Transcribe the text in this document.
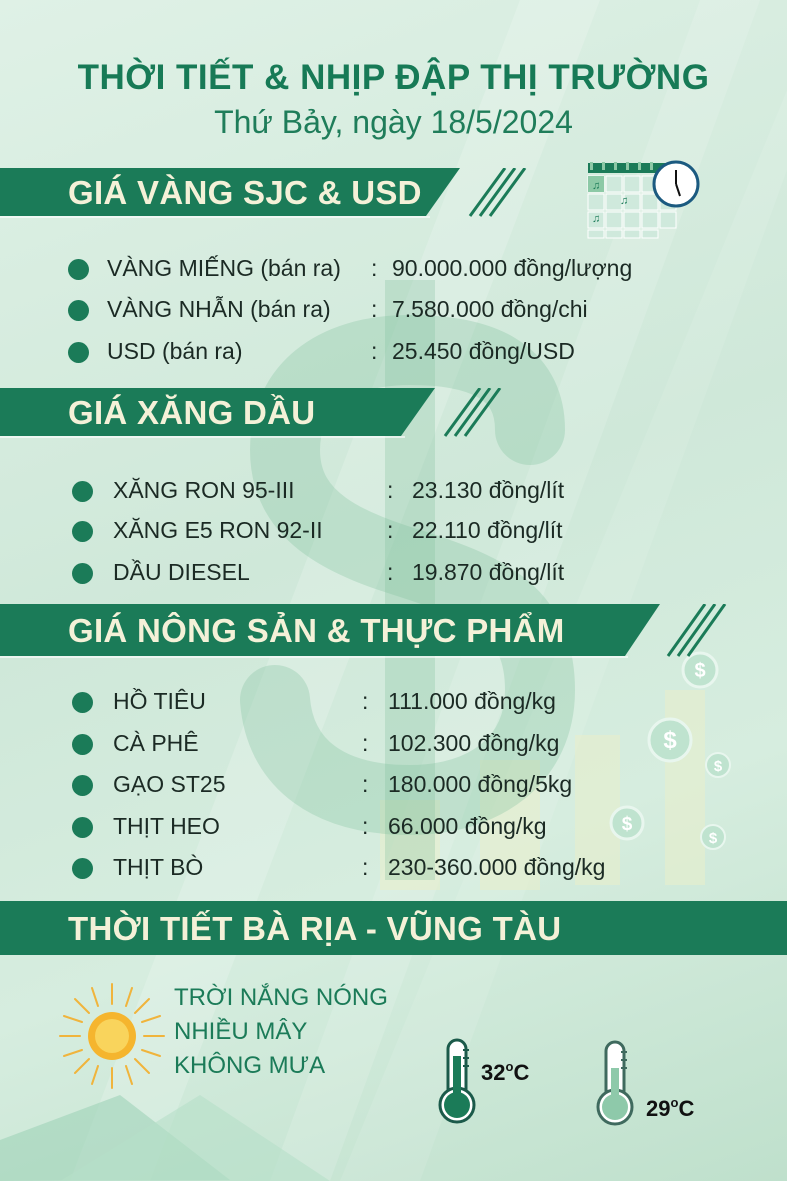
$
$
$
$
$
THỜI TIẾT & NHỊP ĐẬP THỊ TRƯỜNG
Thứ Bảy, ngày 18/5/2024
♫
♫
♫
GIÁ VÀNG SJC & USD
VÀNG MIẾNG (bán ra) : 90.000.000 đồng/lượng
VÀNG NHẪN (bán ra) : 7.580.000 đồng/chi
USD (bán ra)	: 25.450 đồng/USD
GIÁ XĂNG DẦU
XĂNG RON 95-III	: 23.130 đồng/lít
XĂNG E5 RON 92-II	: 22.110 đồng/lít
DẦU DIESEL	: 19.870 đồng/lít
GIÁ NÔNG SẢN & THỰC PHẨM
HỒ TIÊU	: 111.000 đồng/kg
CÀ PHÊ	: 102.300 đồng/kg
GẠO ST25	: 180.000 đồng/5kg
THỊT HEO	: 66.000 đồng/kg
THỊT BÒ	: 230-360.000 đồng/kg
THỜI TIẾT BÀ RỊA - VŨNG TÀU
TRỜI NẮNG NÓNG
NHIỀU MÂY
KHÔNG MƯA	32$^o$C
29$^o$C
